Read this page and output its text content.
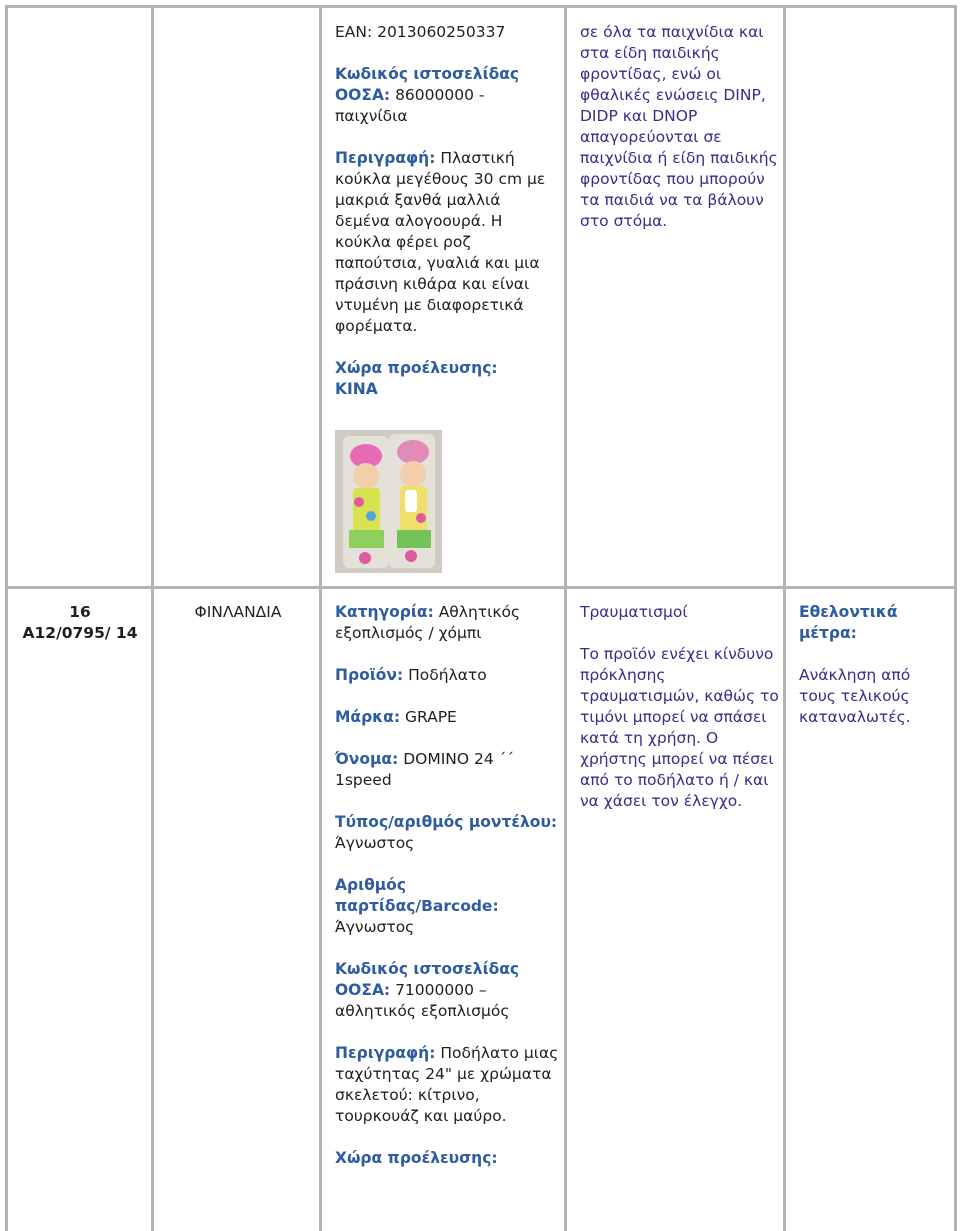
EAN: 2013060250337

Κωδικός ιστοσελίδας ΟΟΣΑ: 86000000 - παιχνίδια

Περιγραφή: Πλαστική κούκλα μεγέθους 30 cm με μακριά ξανθά μαλλιά δεμένα αλογοουρά. Η κούκλα φέρει ροζ παπούτσια, γυαλιά και μια πράσινη κιθάρα και είναι ντυμένη με διαφορετικά φορέματα.

Χώρα προέλευσης:
ΚΙΝΑ

σε όλα τα παιχνίδια και στα είδη παιδικής φροντίδας, ενώ οι φθαλικές ενώσεις DINP, DIDP και DNOP απαγορεύονται σε παιχνίδια ή είδη παιδικής φροντίδας που μπορούν τα παιδιά να τα βάλουν στο στόμα.

16
A12/0795/ 14
ΦΙΝΛΑΝΔΙΑ	Κατηγορία: Αθλητικός εξοπλισμός / χόμπι

Προϊόν: Ποδήλατο

Μάρκα: GRAPE

Όνομα: DOMINO 24 ΄΄ 1speed

Τύπος/αριθμός μοντέλου: Άγνωστος

Αριθμός παρτίδας/Barcode: Άγνωστος

Κωδικός ιστοσελίδας ΟΟΣΑ: 71000000 – αθλητικός εξοπλισμός

Περιγραφή: Ποδήλατο μιας ταχύτητας 24" με χρώματα σκελετού: κίτρινο, τουρκουάζ και μαύρο.

Χώρα προέλευσης:

Τραυματισμοί

Το προϊόν ενέχει κίνδυνο πρόκλησης τραυματισμών, καθώς το τιμόνι μπορεί να σπάσει κατά τη χρήση. Ο χρήστης μπορεί να πέσει από το ποδήλατο ή / και να χάσει τον έλεγχο.

Εθελοντικά μέτρα:

Ανάκληση από τους τελικούς καταναλωτές.
